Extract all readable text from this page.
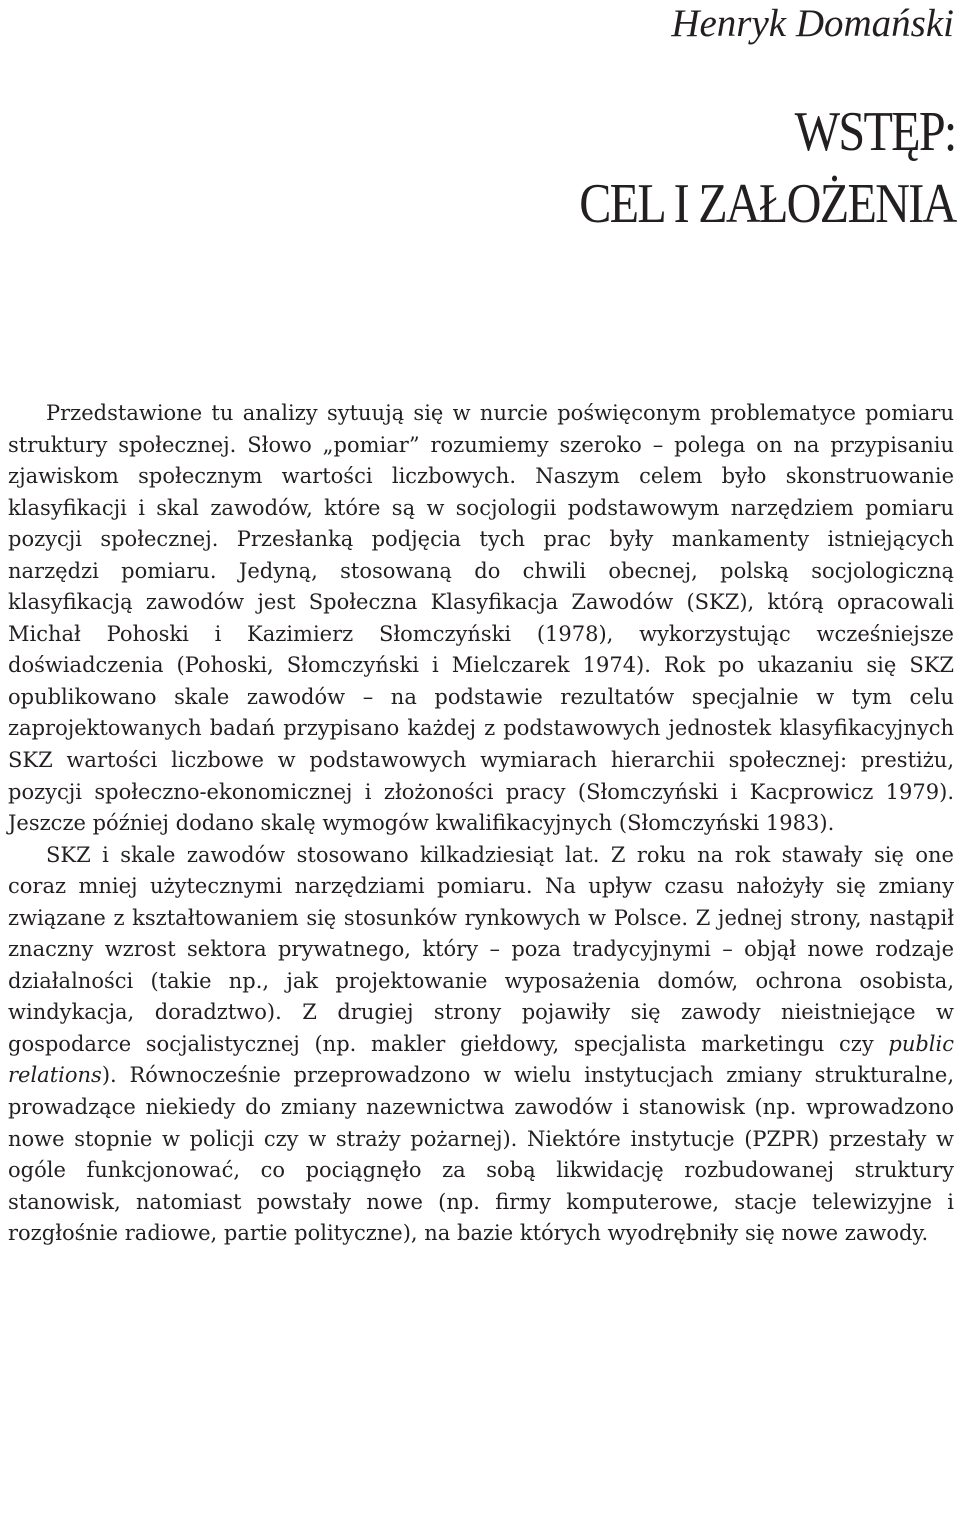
Henryk Domański
WSTĘP:
CEL I ZAŁOŻENIA

Przedstawione tu analizy sytuują się w nurcie poświęconym problematyce pomiaru struktury społecznej. Słowo „pomiar” rozumiemy szeroko – polega on na przypisaniu zjawiskom społecznym wartości liczbowych. Naszym celem było skonstruowanie klasyfikacji i skal zawodów, które są w socjologii podstawowym narzędziem pomiaru pozycji społecznej. Przesłanką podjęcia tych prac były mankamenty istniejących narzędzi pomiaru. Jedyną, stosowaną do chwili obecnej, polską socjologiczną klasyfikacją zawodów jest Społeczna Klasyfikacja Zawodów (SKZ), którą opracowali Michał Pohoski i Kazimierz Słomczyński (1978), wykorzystując wcześniejsze doświadczenia (Pohoski, Słomczyński i Mielczarek 1974). Rok po ukazaniu się SKZ opublikowano skale zawodów – na podstawie rezultatów specjalnie w tym celu zaprojektowanych badań przypisano każdej z podstawowych jednostek klasyfikacyjnych SKZ wartości liczbowe w podstawowych wymiarach hierarchii społecznej: prestiżu, pozycji społeczno-ekonomicznej i złożoności pracy (Słomczyński i Kacprowicz 1979). Jeszcze później dodano skalę wymogów kwalifikacyjnych (Słomczyński 1983).

SKZ i skale zawodów stosowano kilkadziesiąt lat. Z roku na rok stawały się one coraz mniej użytecznymi narzędziami pomiaru. Na upływ czasu nałożyły się zmiany związane z kształtowaniem się stosunków rynkowych w Polsce. Z jednej strony, nastąpił znaczny wzrost sektora prywatnego, który – poza tradycyjnymi – objął nowe rodzaje działalności (takie np., jak projektowanie wyposażenia domów, ochrona osobista, windykacja, doradztwo). Z drugiej strony pojawiły się zawody nieistniejące w gospodarce socjalistycznej (np. makler giełdowy, specjalista marketingu czy public relations). Równocześnie przeprowadzono w wielu instytucjach zmiany strukturalne, prowadzące niekiedy do zmiany nazewnictwa zawodów i stanowisk (np. wprowadzono nowe stopnie w policji czy w straży pożarnej). Niektóre instytucje (PZPR) przestały w ogóle funkcjonować, co pociągnęło za sobą likwidację rozbudowanej struktury stanowisk, natomiast powstały nowe (np. firmy komputerowe, stacje telewizyjne i rozgłośnie radiowe, partie polityczne), na bazie których wyodrębniły się nowe zawody.
